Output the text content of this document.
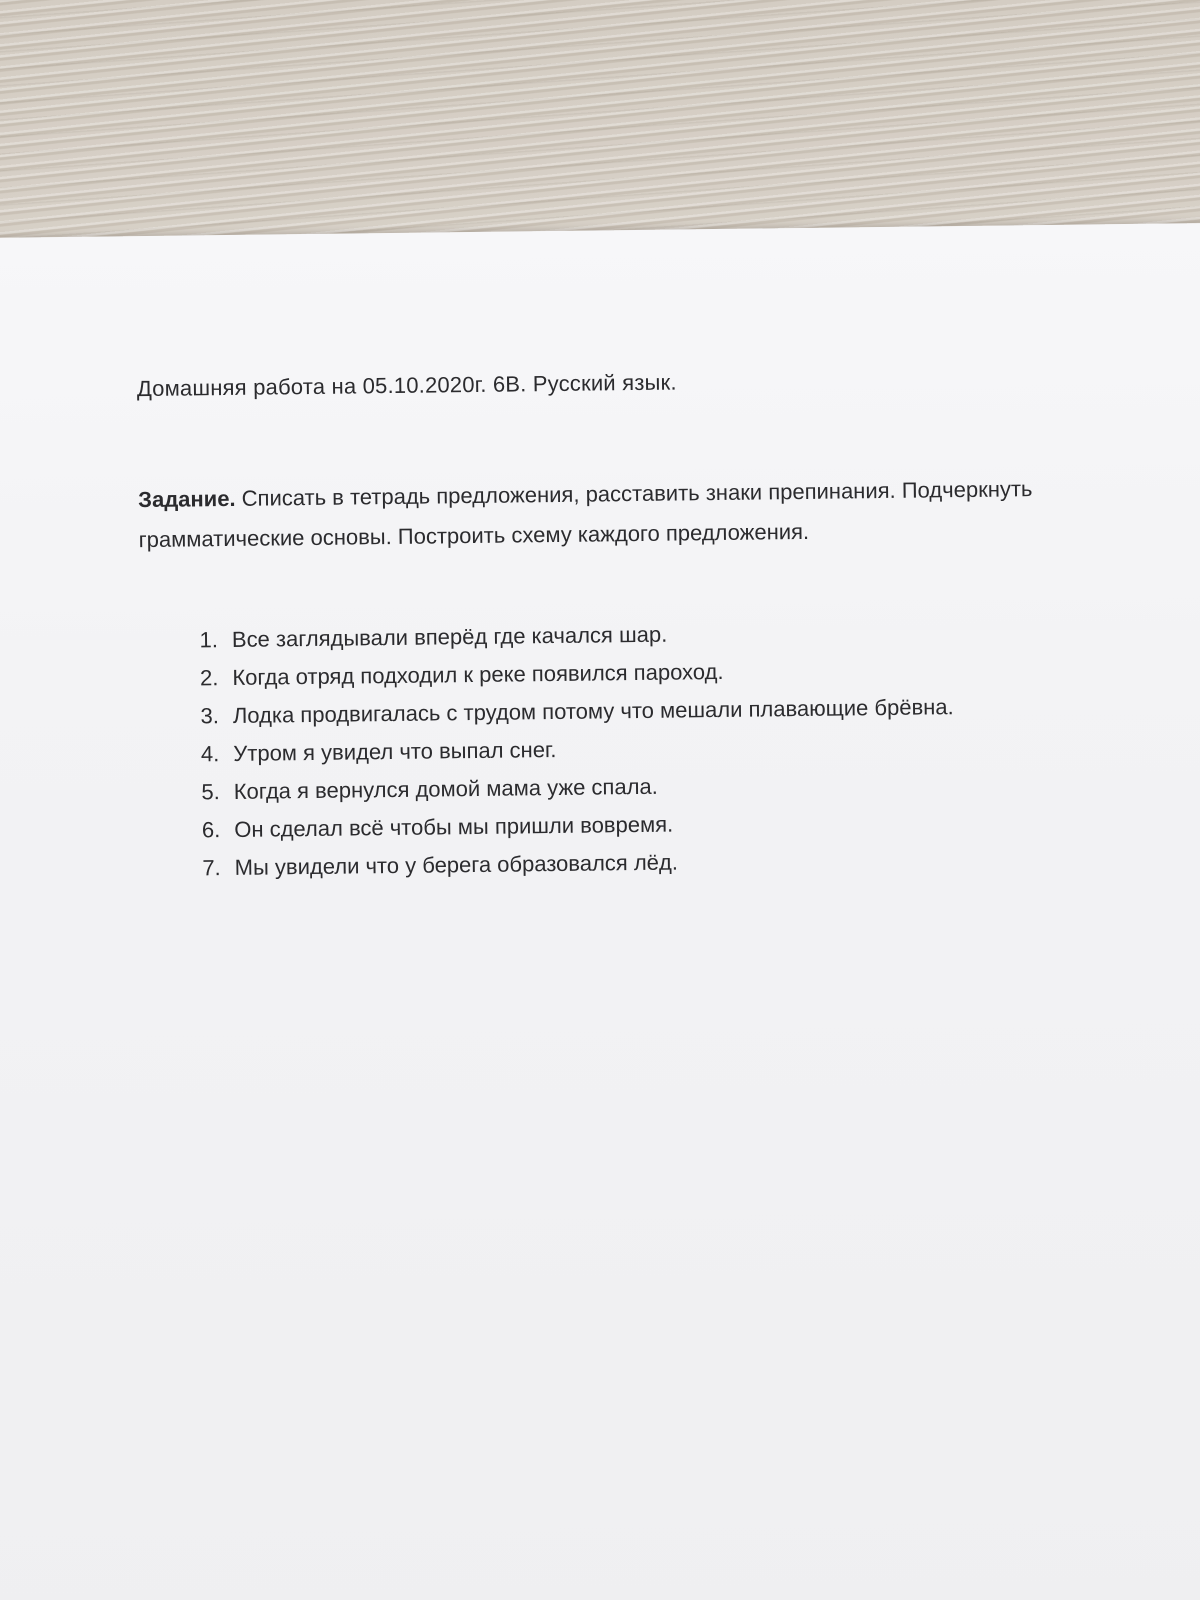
Домашняя работа на 05.10.2020г. 6В. Русский язык.

Задание. Списать в тетрадь предложения, расставить знаки препинания. Подчеркнуть грамматические основы. Построить схему каждого предложения.

1. Все заглядывали вперёд где качался шар.
2. Когда отряд подходил к реке появился пароход.
3. Лодка продвигалась с трудом потому что мешали плавающие брёвна.
4. Утром я увидел что выпал снег.
5. Когда я вернулся домой мама уже спала.
6. Он сделал всё чтобы мы пришли вовремя.
7. Мы увидели что у берега образовался лёд.
